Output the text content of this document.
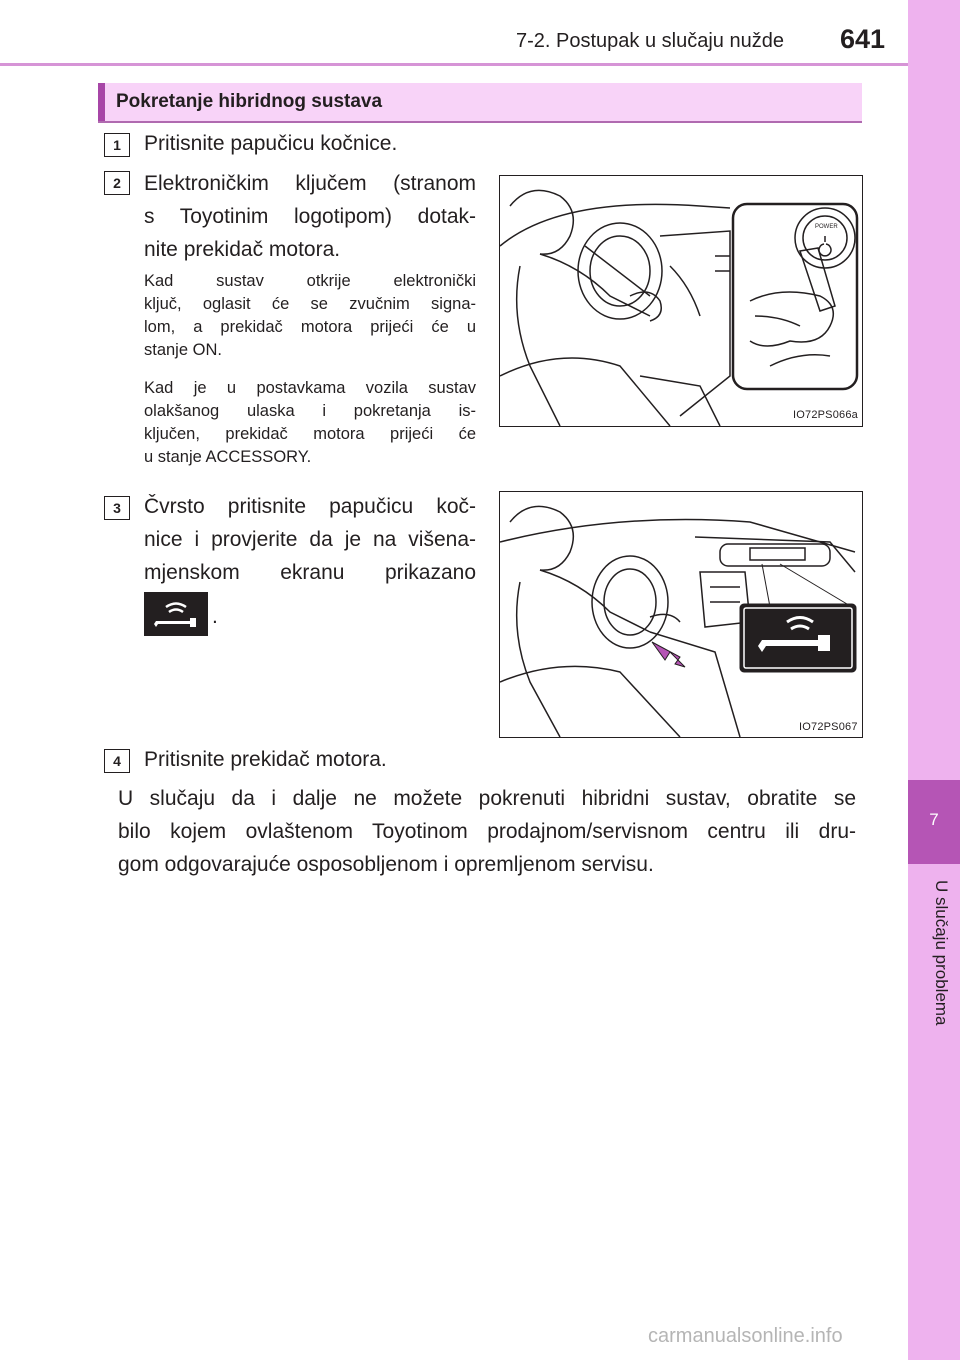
7-2. Postupak u slučaju nužde 641
7
U slučaju problema
Pokretanje hibridnog sustava
1	Pritisnite papučicu kočnice.
2	Elektroničkim ključem (stranom
s Toyotinim logotipom) dotak-
nite prekidač motora.
Kad sustav otkrije elektronički
ključ, oglasit će se zvučnim signa-
lom, a prekidač motora prijeći će u
stanje ON.
Kad je u postavkama vozila sustav
olakšanog ulaska i pokretanja is-
ključen, prekidač motora prijeći će
u stanje ACCESSORY.
POWER
IO72PS066a
3	Čvrsto pritisnite papučicu koč-
nice i provjerite da je na višena-
mjenskom ekranu prikazano
.
IO72PS067
4	Pritisnite prekidač motora.
U slučaju da i dalje ne možete pokrenuti hibridni sustav, obratite se
bilo kojem ovlaštenom Toyotinom prodajnom/servisnom centru ili dru-
gom odgovarajuće osposobljenom i opremljenom servisu.
carmanualsonline.info
